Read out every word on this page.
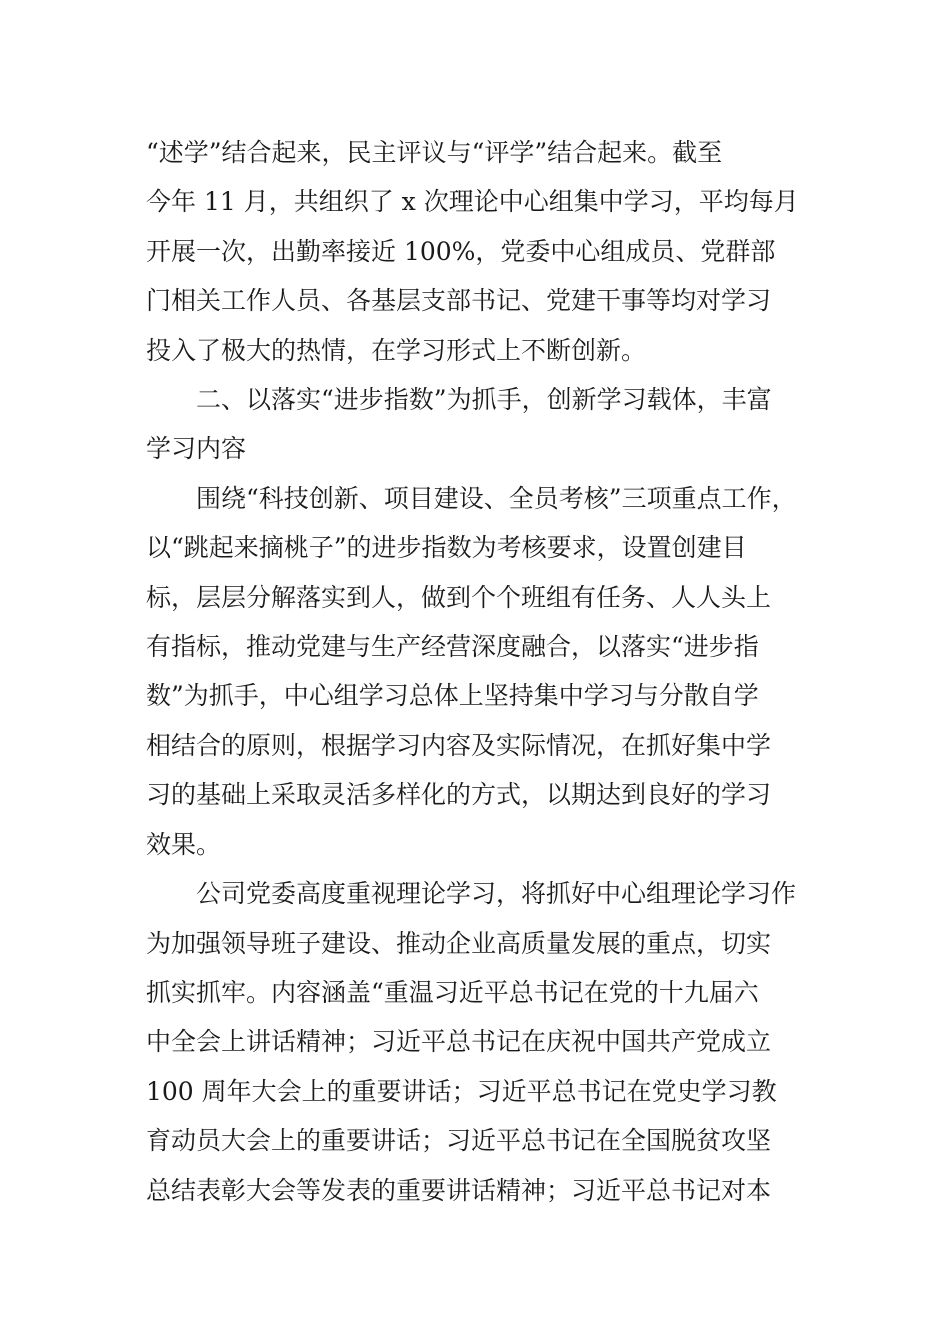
“述学”结合起来，民主评议与“评学”结合起来。截至

今年 11 月，共组织了 x 次理论中心组集中学习，平均每月

开展一次，出勤率接近 100%，党委中心组成员、党群部

门相关工作人员、各基层支部书记、党建干事等均对学习

投入了极大的热情，在学习形式上不断创新。

　　二、以落实“进步指数”为抓手，创新学习载体，丰富

学习内容

　　围绕“科技创新、项目建设、全员考核”三项重点工作，

以“跳起来摘桃子”的进步指数为考核要求，设置创建目

标，层层分解落实到人，做到个个班组有任务、人人头上

有指标，推动党建与生产经营深度融合，以落实“进步指

数”为抓手，中心组学习总体上坚持集中学习与分散自学

相结合的原则，根据学习内容及实际情况，在抓好集中学

习的基础上采取灵活多样化的方式，以期达到良好的学习

效果。

　　公司党委高度重视理论学习，将抓好中心组理论学习作

为加强领导班子建设、推动企业高质量发展的重点，切实

抓实抓牢。内容涵盖“重温习近平总书记在党的十九届六

中全会上讲话精神；习近平总书记在庆祝中国共产党成立

100 周年大会上的重要讲话；习近平总书记在党史学习教

育动员大会上的重要讲话；习近平总书记在全国脱贫攻坚

总结表彰大会等发表的重要讲话精神；习近平总书记对本
